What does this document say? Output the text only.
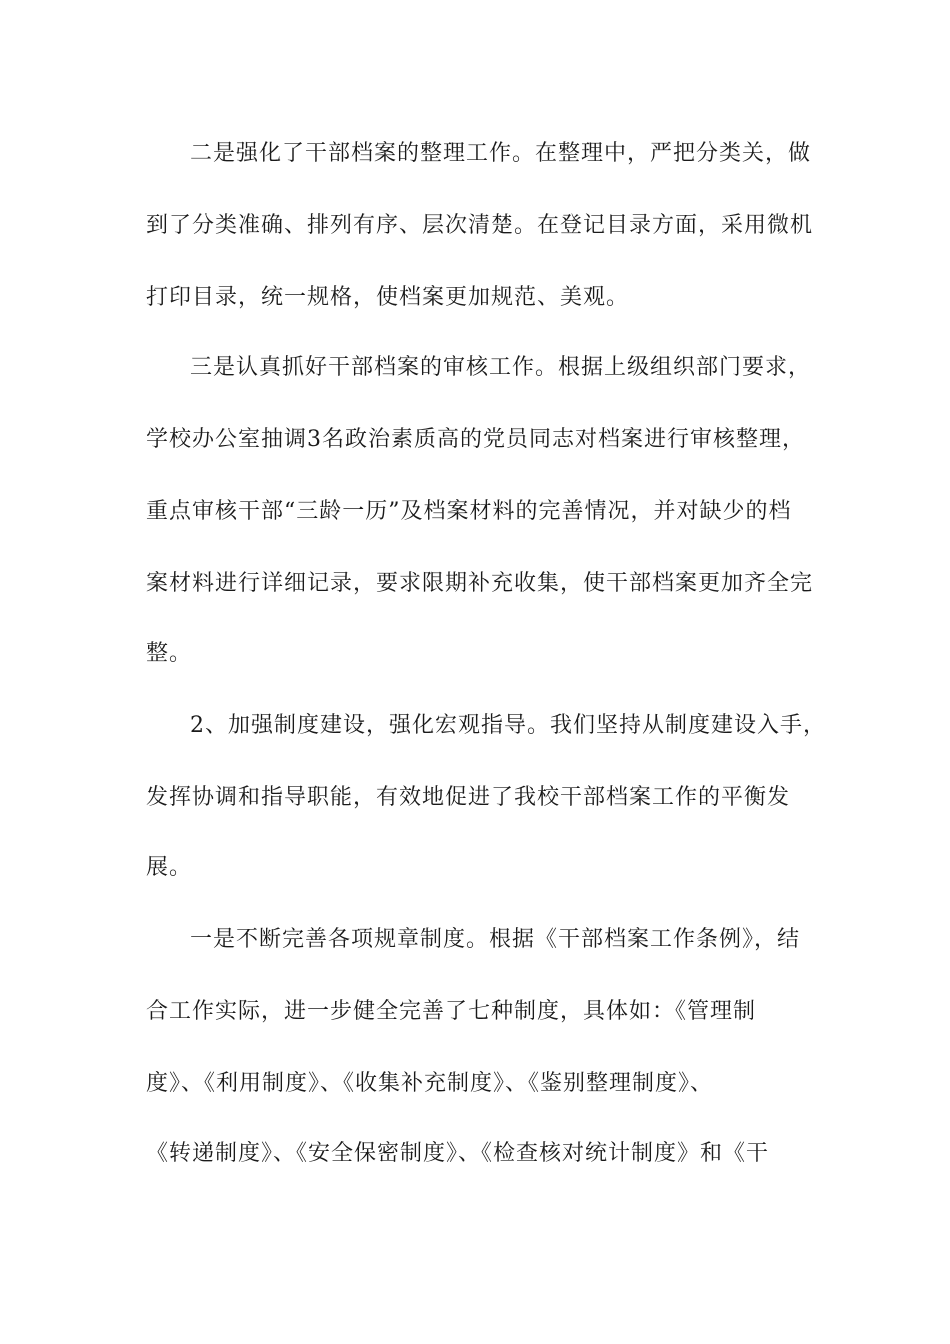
二是强化了干部档案的整理工作。在整理中，严把分类关，做
到了分类准确、排列有序、层次清楚。在登记目录方面，采用微机
打印目录，统一规格，使档案更加规范、美观。
三是认真抓好干部档案的审核工作。根据上级组织部门要求，
学校办公室抽调3名政治素质高的党员同志对档案进行审核整理，
重点审核干部“三龄一历”及档案材料的完善情况，并对缺少的档
案材料进行详细记录，要求限期补充收集，使干部档案更加齐全完
整。
2、加强制度建设，强化宏观指导。我们坚持从制度建设入手，
发挥协调和指导职能，有效地促进了我校干部档案工作的平衡发
展。
一是不断完善各项规章制度。根据《干部档案工作条例》，结
合工作实际，进一步健全完善了七种制度，具体如：《管理制
度》、《利用制度》、《收集补充制度》、《鉴别整理制度》、
《转递制度》、《安全保密制度》、《检查核对统计制度》和《干
